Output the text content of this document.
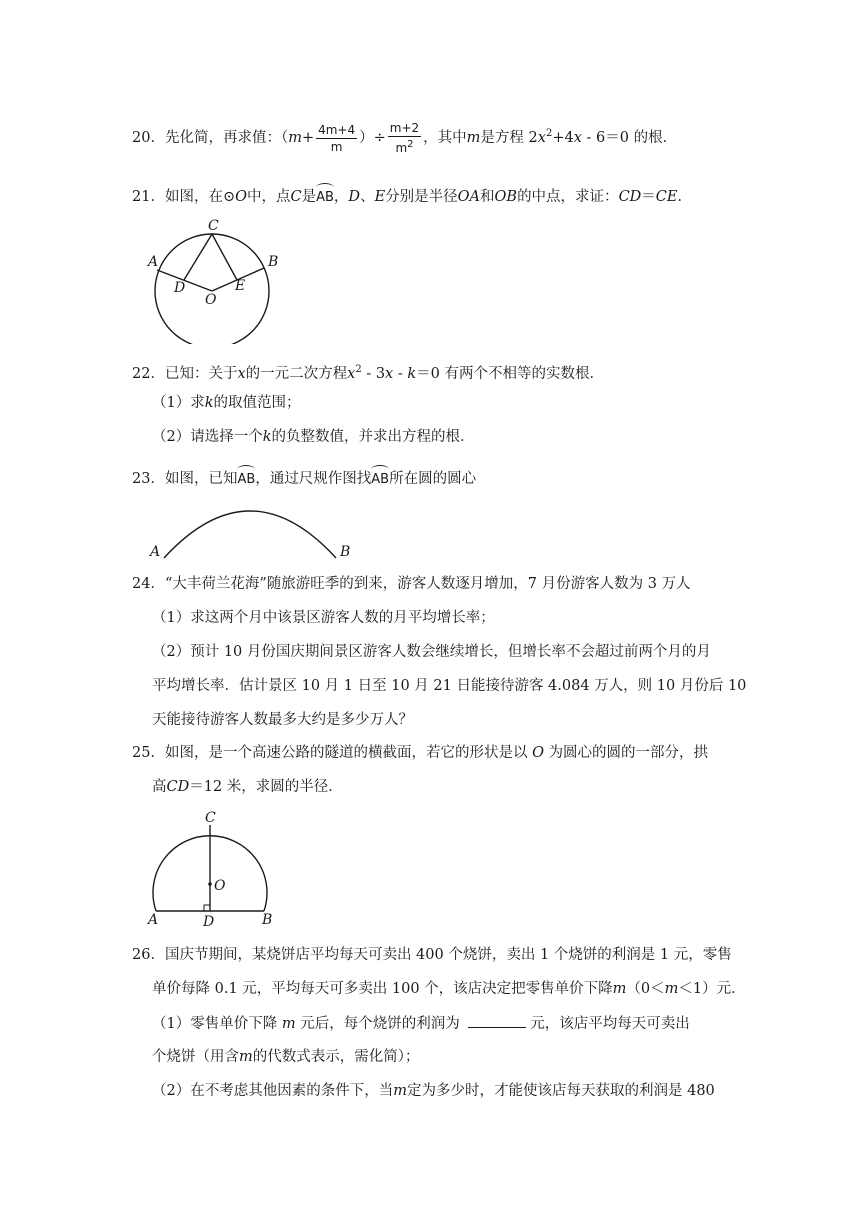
20．先化简，再求值：（$m+ \frac{4m+4}{m}$ ）÷ $\frac{m+2}{m^2}$ ，其中m是方程 $2x^2+4x - 6=0$ 的根．
21．如图，在⊙O中，点C是AB，D、E分别是半径OA和OB的中点，求证：CD＝CE．
C
A	B
D
O
E
22．已知：关于x的一元二次方程$x^2 - 3x - k=0$ 有两个不相等的实数根．
（1）求k的取值范围；
（2）请选择一个k的负整数值，并求出方程的根．
23．如图，已知AB，通过尺规作图找AB所在圆的圆心
A	B
24．“大丰荷兰花海”随旅游旺季的到来，游客人数逐月增加，7 月份游客人数为 3 万人
（1）求这两个月中该景区游客人数的月平均增长率；
（2）预计 10 月份国庆期间景区游客人数会继续增长，但增长率不会超过前两个月的月
平均增长率．估计景区 10 月 1 日至 10 月 21 日能接待游客 4.084 万人，则 10 月份后 10
天能接待游客人数最多大约是多少万人？
25．如图，是一个高速公路的隧道的横截面，若它的形状是以 O 为圆心的圆的一部分，拱
高CD＝12 米，求圆的半径．
C
O
A	D	B
26．国庆节期间，某烧饼店平均每天可卖出 400 个烧饼，卖出 1 个烧饼的利润是 1 元，零售
单价每降 0.1 元，平均每天可多卖出 100 个，该店决定把零售单价下降m（0＜m＜1）元．
（1）零售单价下降 m 元后，每个烧饼的利润为	元，该店平均每天可卖出
个烧饼（用含m的代数式表示，需化简）；
（2）在不考虑其他因素的条件下，当m定为多少时，才能使该店每天获取的利润是 480
